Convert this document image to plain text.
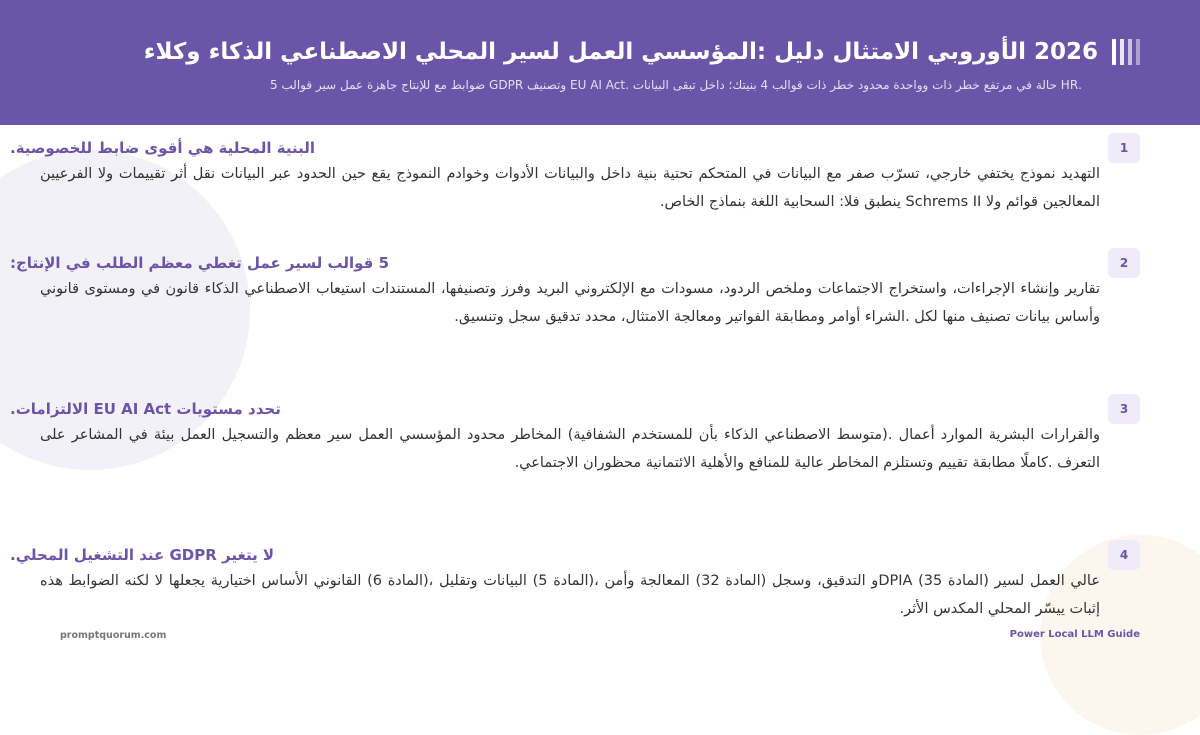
2026 الأوروبي الامتثال دليل :المؤسسي العمل لسير المحلي الاصطناعي الذكاء وكلاء
.HR حالة في مرتفع خطر ذات وواحدة محدود خطر ذات قوالب 4 بنيتك؛ داخل تبقى البيانات .EU AI Act وتصنيف GDPR ضوابط مع للإنتاج جاهزة عمل سير قوالب 5
1
البنية المحلية هي أقوى ضابط للخصوصية.
التهديد نموذج يختفي خارجي، تسرّب صفر مع البيانات في المتحكم تحتية بنية داخل والبيانات الأدوات وخوادم النموذج يقع حين الحدود عبر البيانات نقل أثر تقييمات ولا الفرعيين المعالجين قوائم ولا Schrems II ينطبق فلا: السحابية اللغة بنماذج الخاص.
2
5 قوالب لسير عمل تغطي معظم الطلب في الإنتاج:
تقارير وإنشاء الإجراءات، واستخراج الاجتماعات وملخص الردود، مسودات مع الإلكتروني البريد وفرز وتصنيفها، المستندات استيعاب الاصطناعي الذكاء قانون في ومستوى قانوني وأساس بيانات تصنيف منها لكل .الشراء أوامر ومطابقة الفواتير ومعالجة الامتثال، محدد تدقيق سجل وتنسيق.
3
تحدد مستويات EU AI Act الالتزامات.
والقرارات البشرية الموارد أعمال .(متوسط الاصطناعي الذكاء بأن للمستخدم الشفافية) المخاطر محدود المؤسسي العمل سير معظم والتسجيل العمل بيئة في المشاعر على التعرف .كاملًا مطابقة تقييم وتستلزم المخاطر عالية للمنافع والأهلية الائتمانية محظوران الاجتماعي.
4
لا يتغير GDPR عند التشغيل المحلي.
عالي العمل لسير (المادة 35) DPIAو التدقيق، وسجل (المادة 32) المعالجة وأمن ،(المادة 5) البيانات وتقليل ،(المادة 6) القانوني الأساس اختيارية يجعلها لا لكنه الضوابط هذه إثبات ييسّر المحلي المكدس الأثر.
promptquorum.com	Power Local LLM Guide
